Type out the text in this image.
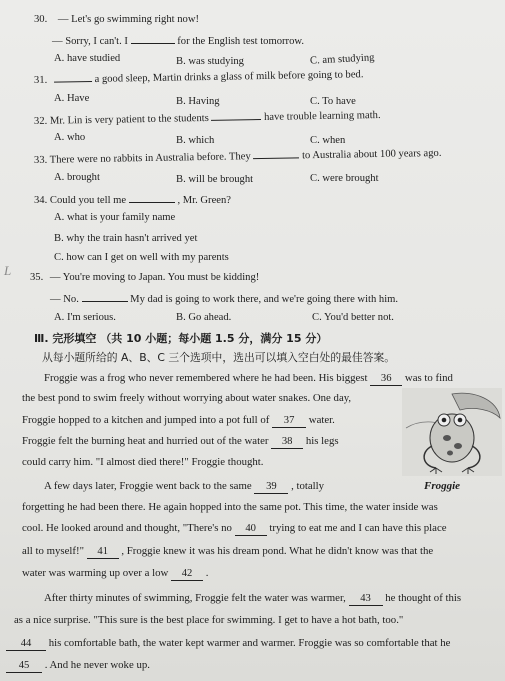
30. — Let's go swimming right now!
— Sorry, I can't. I	for the English test tomorrow.
A. have studied	B. was studying	C. am studying
31.	a good sleep, Martin drinks a glass of milk before going to bed.
A. Have	B. Having	C. To have
32. Mr. Lin is very patient to the students	have trouble learning math.
A. who	B. which	C. when
33. There were no rabbits in Australia before. They	to Australia about 100 years ago.
A. brought	B. will be brought	C. were brought
34. Could you tell me	, Mr. Green?
A. what is your family name
B. why the train hasn't arrived yet
C. how can I get on well with my parents
L 35. — You're moving to Japan. You must be kidding!
— No.	My dad is going to work there, and we're going there with him.
A. I'm serious.	B. Go ahead.	C. You'd better not.
Ⅲ. 完形填空 （共 10 小题；每小题 1.5 分，满分 15 分）
从每小题所给的 A、B、C 三个选项中，选出可以填入空白处的最佳答案。
Froggie was a frog who never remembered where he had been. His biggest 36 was to find
the best pond to swim freely without worrying about water snakes. One day,
Froggie hopped to a kitchen and jumped into a pot full of 37 water.
Froggie felt the burning heat and hurried out of the water 38 his legs
could carry him. "I almost died there!" Froggie thought.
Froggie
A few days later, Froggie went back to the same 39 , totally
forgetting he had been there. He again hopped into the same pot. This time, the water inside was
cool. He looked around and thought, "There's no 40 trying to eat me and I can have this place
all to myself!" 41 , Froggie knew it was his dream pond. What he didn't know was that the
water was warming up over a low 42 .
After thirty minutes of swimming, Froggie felt the water was warmer, 43 he thought of this
as a nice surprise. "This sure is the best place for swimming. I get to have a hot bath, too."
44 his comfortable bath, the water kept warmer and warmer. Froggie was so comfortable that he
45 . And he never woke up.
